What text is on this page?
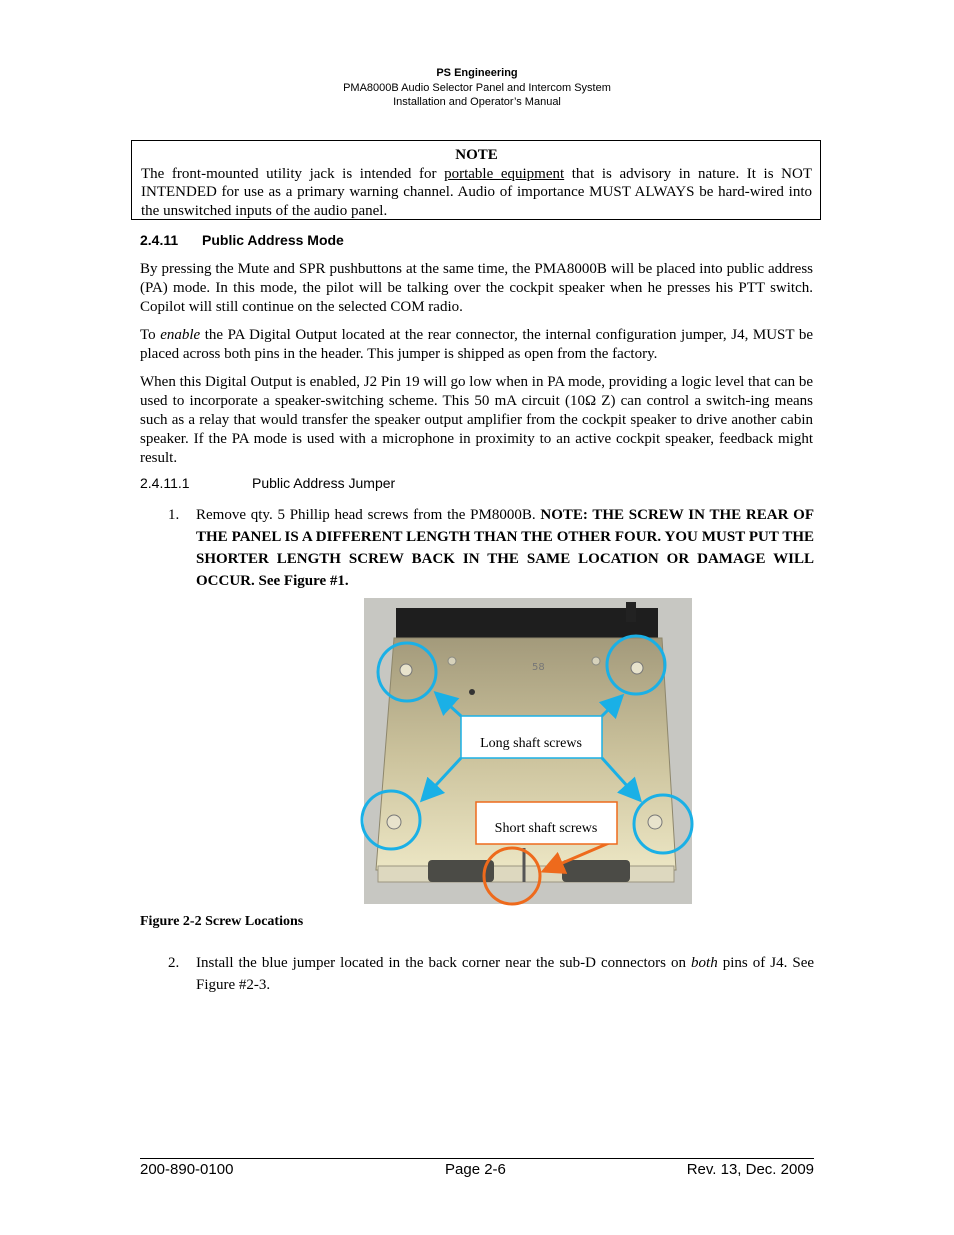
PS Engineering
PMA8000B Audio Selector Panel and Intercom System
Installation and Operator’s Manual
NOTE
The front-mounted utility jack is intended for portable equipment that is advisory in nature. It is NOT INTENDED for use as a primary warning channel. Audio of importance MUST ALWAYS be hard-wired into the unswitched inputs of the audio panel.
2.4.11 Public Address Mode

By pressing the Mute and SPR pushbuttons at the same time, the PMA8000B will be placed into public address (PA) mode. In this mode, the pilot will be talking over the cockpit speaker when he presses his PTT switch. Copilot will still continue on the selected COM radio.

To enable the PA Digital Output located at the rear connector, the internal configuration jumper, J4, MUST be placed across both pins in the header. This jumper is shipped as open from the factory.

When this Digital Output is enabled, J2 Pin 19 will go low when in PA mode, providing a logic level that can be used to incorporate a speaker-switching scheme. This 50 mA circuit (10Ω Z) can control a switch-ing means such as a relay that would transfer the speaker output amplifier from the cockpit speaker to drive another cabin speaker. If the PA mode is used with a microphone in proximity to an active cockpit speaker, feedback might result.

2.4.11.1	Public Address Jumper
1. Remove qty. 5 Phillip head screws from the PM8000B. NOTE: THE SCREW IN THE REAR OF THE PANEL IS A DIFFERENT LENGTH THAN THE OTHER FOUR. YOU MUST PUT THE SHORTER LENGTH SCREW BACK IN THE SAME LOCATION OR DAMAGE WILL OCCUR. See Figure #1.
58
Long shaft screws
Short shaft screws
Figure 2-2 Screw Locations
2. Install the blue jumper located in the back corner near the sub-D connectors on both pins of J4. See Figure #2-3.
200-890-0100	Page 2-6	Rev. 13, Dec. 2009
